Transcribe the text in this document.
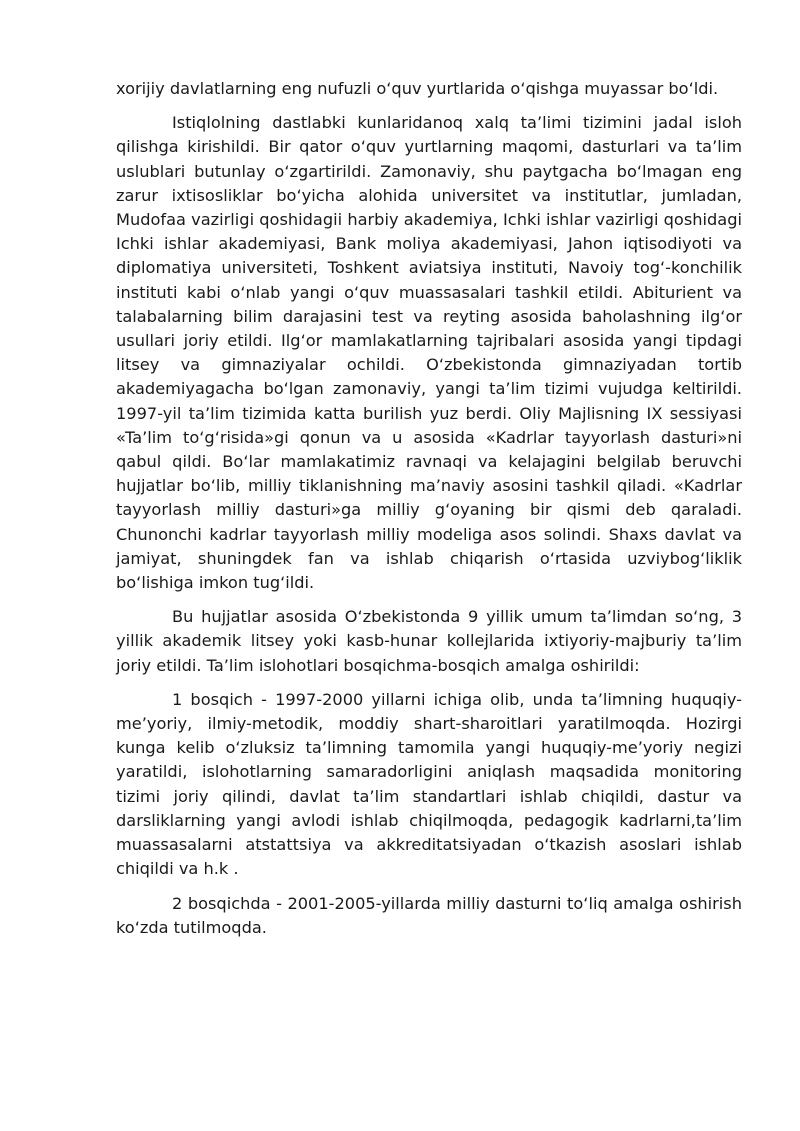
xorijiy davlatlarning eng nufuzli o‘quv yurtlarida o‘qishga muyassar bo‘ldi.

Istiqlolning dastlabki kunlaridanoq xalq ta’limi tizimini jadal isloh qilishga kirishildi. Bir qator o‘quv yurtlarning maqomi, dasturlari va ta’lim uslublari butunlay o‘zgartirildi. Zamonaviy, shu paytgacha bo‘lmagan eng zarur ixtisosliklar bo‘yicha alohida universitet va institutlar, jumladan, Mudofaa vazirligi qoshidagii harbiy akademiya, Ichki ishlar vazirligi qoshidagi Ichki ishlar akademiyasi, Bank moliya akademiyasi, Jahon iqtisodiyoti va diplomatiya universiteti, Toshkent aviatsiya instituti, Navoiy tog‘-konchilik instituti kabi o‘nlab yangi o‘quv muassasalari tashkil etildi. Abiturient va talabalarning bilim darajasini test va reyting asosida baholashning ilg‘or usullari joriy etildi. Ilg‘or mamlakatlarning tajribalari asosida yangi tipdagi litsey va gimnaziyalar ochildi. O‘zbekistonda gimnaziyadan tortib akademiyagacha bo‘lgan zamonaviy, yangi ta’lim tizimi vujudga keltirildi. 1997-yil ta’lim tizimida katta burilish yuz berdi. Oliy Majlisning IX sessiyasi «Ta’lim to‘g‘risida»gi qonun va u asosida «Kadrlar tayyorlash dasturi»ni qabul qildi. Bo‘lar mamlakatimiz ravnaqi va kelajagini belgilab beruvchi hujjatlar bo‘lib, milliy tiklanishning ma’naviy asosini tashkil qiladi. «Kadrlar tayyorlash milliy dasturi»ga milliy g‘oyaning bir qismi deb qaraladi. Chunonchi kadrlar tayyorlash milliy modeliga asos solindi. Shaxs davlat va jamiyat, shuningdek fan va ishlab chiqarish o‘rtasida uzviybog‘liklik bo‘lishiga imkon tug‘ildi.

Bu hujjatlar asosida O‘zbekistonda 9 yillik umum ta’limdan so‘ng, 3 yillik akademik litsey yoki kasb-hunar kollejlarida ixtiyoriy-majburiy ta’lim joriy etildi. Ta’lim islohotlari bosqichma-bosqich amalga oshirildi:

1 bosqich - 1997-2000 yillarni ichiga olib, unda ta’limning huquqiy-me’yoriy, ilmiy-metodik, moddiy shart-sharoitlari yaratilmoqda. Hozirgi kunga kelib o‘zluksiz ta’limning tamomila yangi huquqiy-me’yoriy negizi yaratildi, islohotlarning samaradorligini aniqlash maqsadida monitoring tizimi joriy qilindi, davlat ta’lim standartlari ishlab chiqildi, dastur va darsliklarning yangi avlodi ishlab chiqilmoqda, pedagogik kadrlarni,ta’lim muassasalarni atstattsiya va akkreditatsiyadan o‘tkazish asoslari ishlab chiqildi va h.k .

2 bosqichda - 2001-2005-yillarda milliy dasturni to‘liq amalga oshirish ko‘zda tutilmoqda.
